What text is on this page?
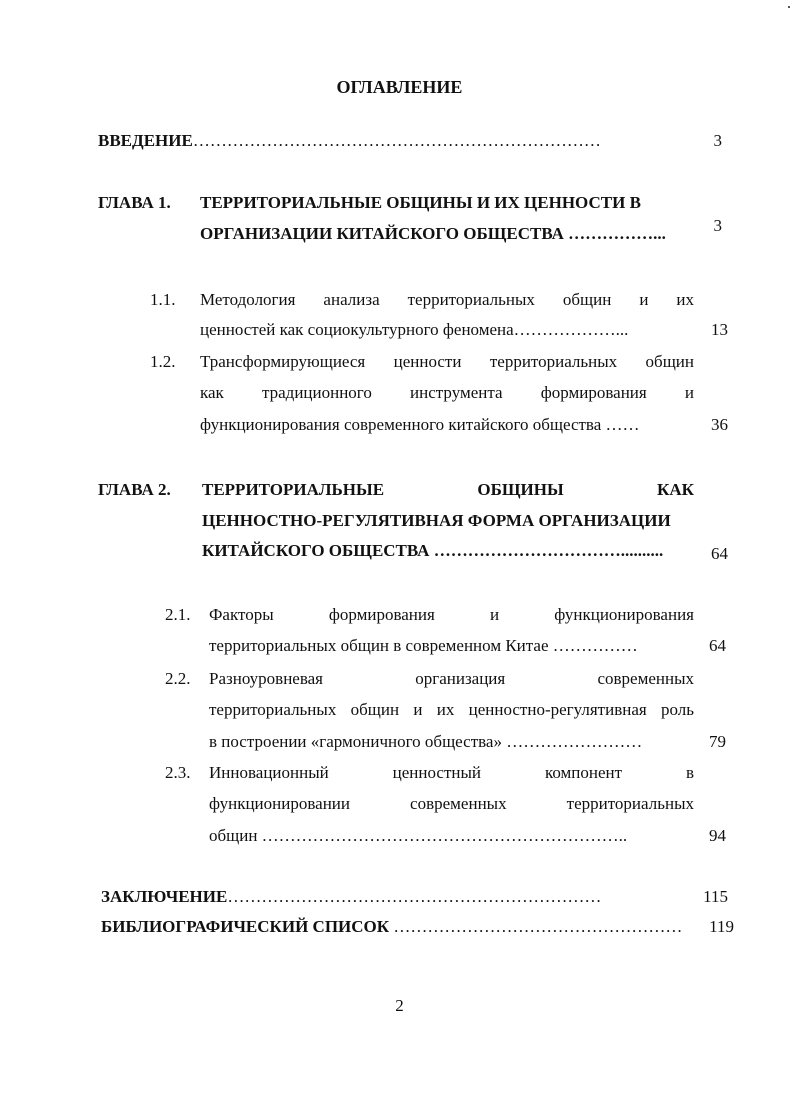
ОГЛАВЛЕНИЕ
ВВЕДЕНИЕ………………………………………………………………	3
ГЛАВА 1. ТЕРРИТОРИАЛЬНЫЕ ОБЩИНЫ И ИХ ЦЕННОСТИ В
ОРГАНИЗАЦИИ КИТАЙСКОГО ОБЩЕСТВА ……………...	3
1.1. Методология анализа территориальных общин и их
ценностей как социокультурного феномена………………...	13
1.2. Трансформирующиеся ценности территориальных общин
как традиционного инструмента формирования и
функционирования современного китайского общества ……	36
ГЛАВА 2. ТЕРРИТОРИАЛЬНЫЕ ОБЩИНЫ КАК
ЦЕННОСТНО-РЕГУЛЯТИВНАЯ ФОРМА ОРГАНИЗАЦИИ
КИТАЙСКОГО ОБЩЕСТВА ……………………………..........	64
2.1. Факторы формирования и функционирования
территориальных общин в современном Китае ……………	64
2.2. Разноуровневая организация современных
территориальных общин и их ценностно-регулятивная роль
в построении «гармоничного общества» ……………………	79
2.3. Инновационный ценностный компонент в
функционировании современных территориальных
общин ………………………………………………………..	94
ЗАКЛЮЧЕНИЕ…………………………………………………………	115
БИБЛИОГРАФИЧЕСКИЙ СПИСОК ……………………………………………	119
2
